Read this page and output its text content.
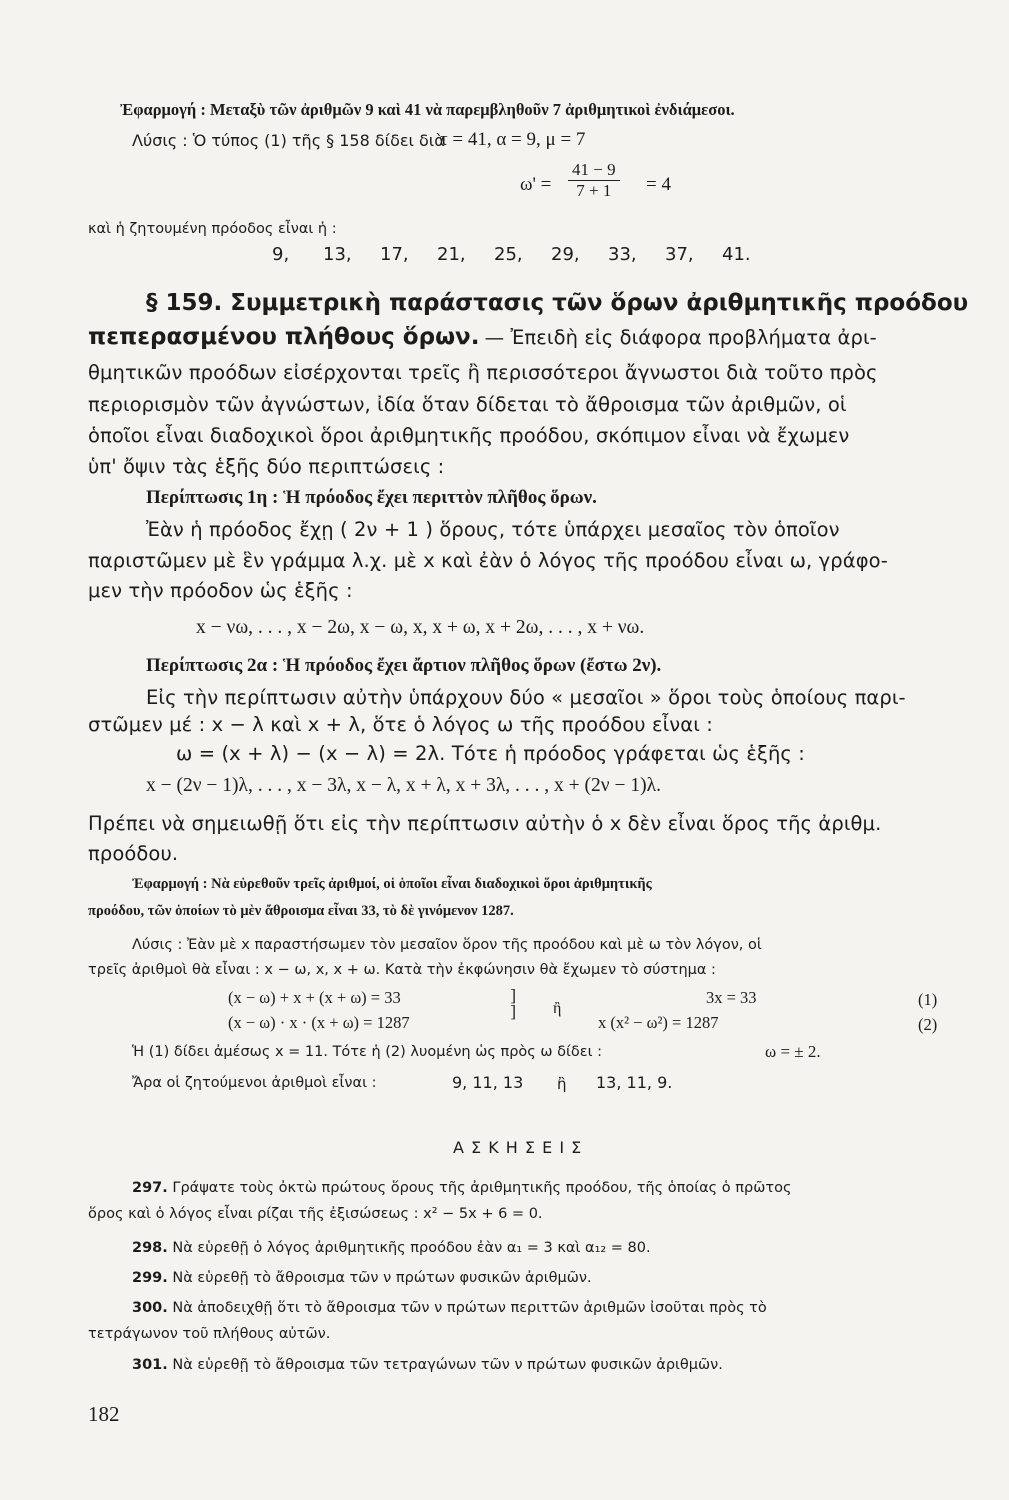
Ἐφαρμογή : Μεταξὺ τῶν ἀριθμῶν 9 καὶ 41 νὰ παρεμβληθοῦν 7 ἀριθμητικοὶ ἐνδιάμεσοι.
Λύσις : Ὁ τύπος (1) τῆς § 158 δίδει διὰ
τ = 41, α = 9, μ = 7
$\omega' = \frac{41 - 9}{7 + 1} = 4$
καὶ ἡ ζητουμένη πρόοδος εἶναι ἡ :
9, 13, 17, 21, 25, 29, 33, 37, 41.
§ 159. Συμμετρικὴ παράστασις τῶν ὅρων ἀριθμητικῆς προόδου
πεπερασμένου πλήθους ὅρων. — Ἐπειδὴ εἰς διάφορα προβλήματα ἀρι-
θμητικῶν προόδων εἰσέρχονται τρεῖς ἢ περισσότεροι ἄγνωστοι διὰ τοῦτο πρὸς
περιορισμὸν τῶν ἀγνώστων, ἰδία ὅταν δίδεται τὸ ἄθροισμα τῶν ἀριθμῶν, οἱ
ὁποῖοι εἶναι διαδοχικοὶ ὅροι ἀριθμητικῆς προόδου, σκόπιμον εἶναι νὰ ἔχωμεν
ὑπ' ὄψιν τὰς ἑξῆς δύο περιπτώσεις :
Περίπτωσις 1η : Ἡ πρόοδος ἔχει περιττὸν πλῆθος ὅρων.
Ἐὰν ἡ πρόοδος ἔχῃ ( 2ν + 1 ) ὅρους, τότε ὑπάρχει μεσαῖος τὸν ὁποῖον
παριστῶμεν μὲ ἓν γράμμα λ.χ. μὲ x καὶ ἐὰν ὁ λόγος τῆς προόδου εἶναι ω, γράφο-
μεν τὴν πρόοδον ὡς ἑξῆς :
x − νω, . . . , x − 2ω, x − ω, x, x + ω, x + 2ω, . . . , x + νω.
Περίπτωσις 2α : Ἡ πρόοδος ἔχει ἄρτιον πλῆθος ὅρων (ἔστω 2ν).
Εἰς τὴν περίπτωσιν αὐτὴν ὑπάρχουν δύο « μεσαῖοι » ὅροι τοὺς ὁποίους παρι-
στῶμεν μέ : x − λ καὶ x + λ, ὅτε ὁ λόγος ω τῆς προόδου εἶναι :
ω = (x + λ) − (x − λ) = 2λ. Τότε ἡ πρόοδος γράφεται ὡς ἑξῆς :
x − (2ν − 1)λ, . . . , x − 3λ, x − λ, x + λ, x + 3λ, . . . , x + (2ν − 1)λ.
Πρέπει νὰ σημειωθῇ ὅτι εἰς τὴν περίπτωσιν αὐτὴν ὁ x δὲν εἶναι ὅρος τῆς ἀριθμ.
προόδου.
Ἐφαρμογή : Νὰ εὑρεθοῦν τρεῖς ἀριθμοί, οἱ ὁποῖοι εἶναι διαδοχικοὶ ὅροι ἀριθμητικῆς
προόδου, τῶν ὁποίων τὸ μὲν ἄθροισμα εἶναι 33, τὸ δὲ γινόμενον 1287.
Λύσις : Ἐὰν μὲ x παραστήσωμεν τὸν μεσαῖον ὅρον τῆς προόδου καὶ μὲ ω τὸν λόγον, οἱ
τρεῖς ἀριθμοὶ θὰ εἶναι : x − ω, x, x + ω. Κατὰ τὴν ἐκφώνησιν θὰ ἔχωμεν τὸ σύστημα :
(x − ω) + x + (x + ω) = 33
(x − ω) · x · (x + ω) = 1287
]
] ἢ
3x = 33
x (x² − ω²) = 1287
(1)
(2)
Ἡ (1) δίδει ἀμέσως x = 11. Τότε ἡ (2) λυομένη ὡς πρὸς ω δίδει :	ω = ± 2.
Ἄρα οἱ ζητούμενοι ἀριθμοὶ εἶναι :	9, 11, 13 ἢ 13, 11, 9.
Α Σ Κ Η Σ Ε Ι Σ
297. Γράψατε τοὺς ὀκτὼ πρώτους ὅρους τῆς ἀριθμητικῆς προόδου, τῆς ὁποίας ὁ πρῶτος
ὅρος καὶ ὁ λόγος εἶναι ρίζαι τῆς ἐξισώσεως : x² − 5x + 6 = 0.
298. Νὰ εὑρεθῇ ὁ λόγος ἀριθμητικῆς προόδου ἐὰν α₁ = 3 καὶ α₁₂ = 80.
299. Νὰ εὑρεθῇ τὸ ἄθροισμα τῶν ν πρώτων φυσικῶν ἀριθμῶν.
300. Νὰ ἀποδειχθῇ ὅτι τὸ ἄθροισμα τῶν ν πρώτων περιττῶν ἀριθμῶν ἰσοῦται πρὸς τὸ
τετράγωνον τοῦ πλήθους αὐτῶν.
301. Νὰ εὑρεθῇ τὸ ἄθροισμα τῶν τετραγώνων τῶν ν πρώτων φυσικῶν ἀριθμῶν.
182
